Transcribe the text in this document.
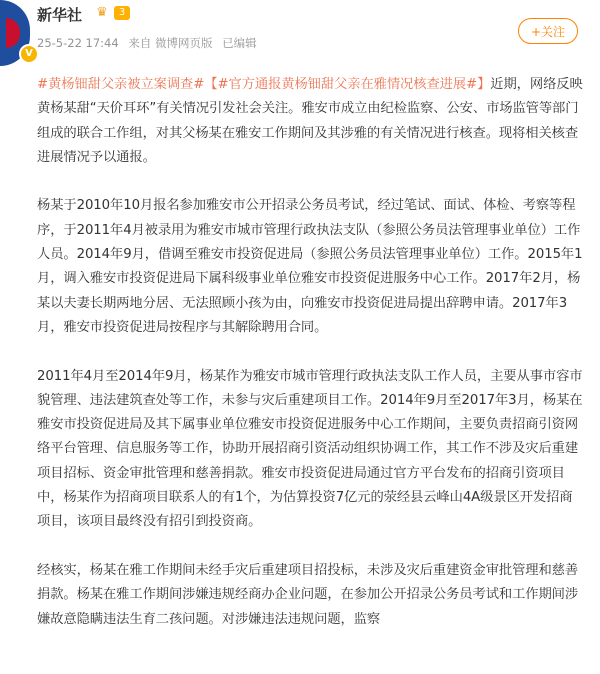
V
新华社	♛	3
25-5-22 17:44 来自 微博网页版 已编辑
+关注

#黄杨钿甜父亲被立案调查#【#官方通报黄杨钿甜父亲在雅情况核查进展#】近期，网络反映黄杨某甜“天价耳环”有关情况引发社会关注。雅安市成立由纪检监察、公安、市场监管等部门组成的联合工作组，对其父杨某在雅安工作期间及其涉雅的有关情况进行核查。现将相关核查进展情况予以通报。

杨某于2010年10月报名参加雅安市公开招录公务员考试，经过笔试、面试、体检、考察等程序，于2011年4月被录用为雅安市城市管理行政执法支队（参照公务员法管理事业单位）工作人员。2014年9月，借调至雅安市投资促进局（参照公务员法管理事业单位）工作。2015年1月，调入雅安市投资促进局下属科级事业单位雅安市投资促进服务中心工作。2017年2月，杨某以夫妻长期两地分居、无法照顾小孩为由，向雅安市投资促进局提出辞聘申请。2017年3月，雅安市投资促进局按程序与其解除聘用合同。

2011年4月至2014年9月，杨某作为雅安市城市管理行政执法支队工作人员，主要从事市容市貌管理、违法建筑查处等工作，未参与灾后重建项目工作。2014年9月至2017年3月，杨某在雅安市投资促进局及其下属事业单位雅安市投资促进服务中心工作期间，主要负责招商引资网络平台管理、信息服务等工作，协助开展招商引资活动组织协调工作，其工作不涉及灾后重建项目招标、资金审批管理和慈善捐款。雅安市投资促进局通过官方平台发布的招商引资项目中，杨某作为招商项目联系人的有1个，为估算投资7亿元的荥经县云峰山4A级景区开发招商项目，该项目最终没有招引到投资商。

经核实，杨某在雅工作期间未经手灾后重建项目招投标，未涉及灾后重建资金审批管理和慈善捐款。杨某在雅工作期间涉嫌违规经商办企业问题，在参加公开招录公务员考试和工作期间涉嫌故意隐瞒违法生育二孩问题。对涉嫌违法违规问题，监察
